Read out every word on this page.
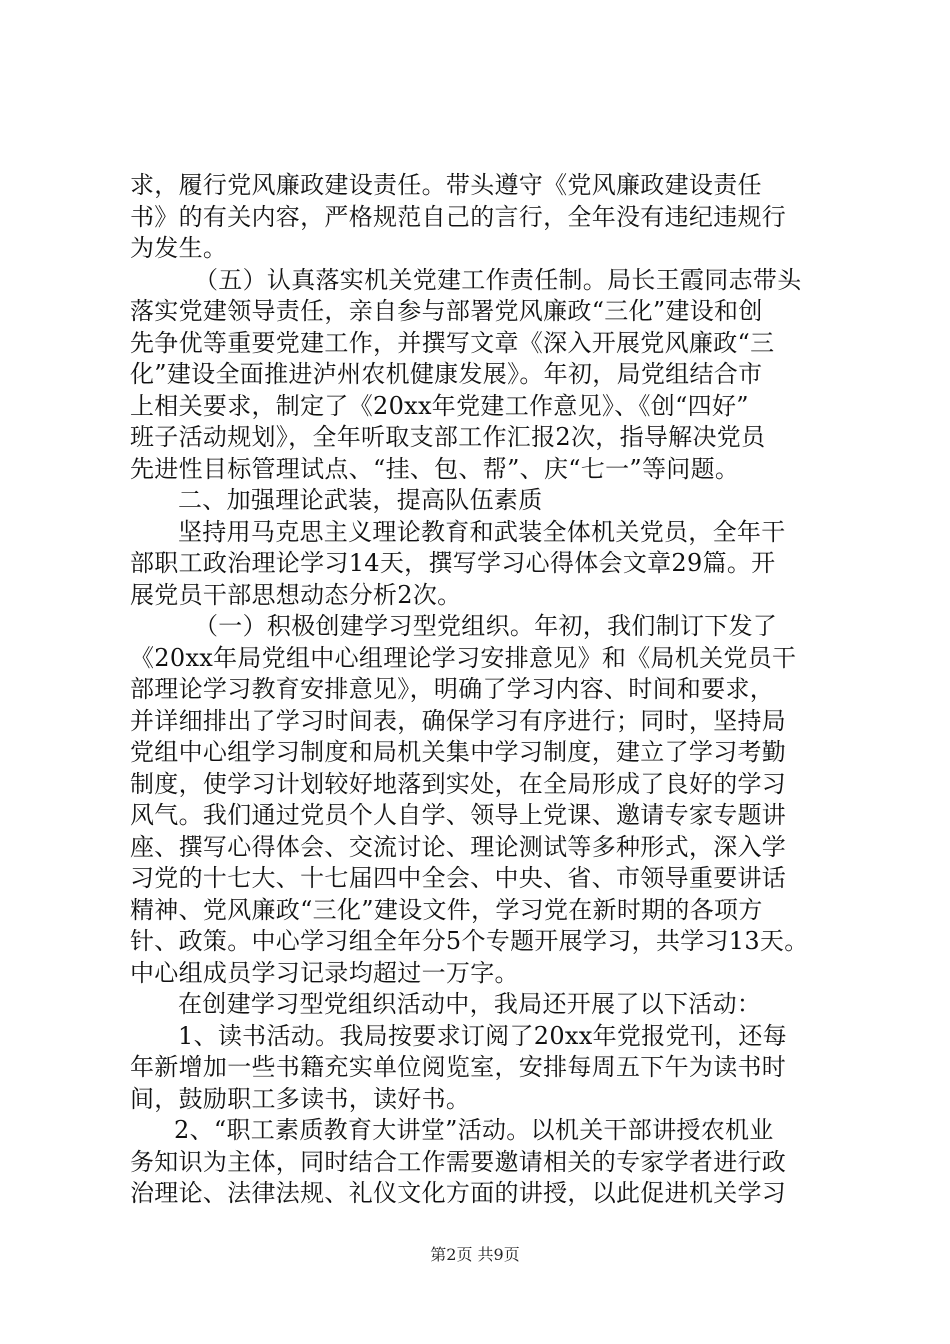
求，履行党风廉政建设责任。带头遵守《党风廉政建设责任
书》的有关内容，严格规范自己的言行，全年没有违纪违规行
为发生。
（五）认真落实机关党建工作责任制。局长王霞同志带头
落实党建领导责任，亲自参与部署党风廉政“三化”建设和创
先争优等重要党建工作，并撰写文章《深入开展党风廉政“三
化”建设全面推进泸州农机健康发展》。年初，局党组结合市
上相关要求，制定了《20xx年党建工作意见》、《创“四好”
班子活动规划》，全年听取支部工作汇报2次，指导解决党员
先进性目标管理试点、“挂、包、帮”、庆“七一”等问题。
二、加强理论武装，提高队伍素质
坚持用马克思主义理论教育和武装全体机关党员，全年干
部职工政治理论学习14天，撰写学习心得体会文章29篇。开
展党员干部思想动态分析2次。
（一）积极创建学习型党组织。年初，我们制订下发了
《20xx年局党组中心组理论学习安排意见》和《局机关党员干
部理论学习教育安排意见》，明确了学习内容、时间和要求，
并详细排出了学习时间表，确保学习有序进行；同时，坚持局
党组中心组学习制度和局机关集中学习制度，建立了学习考勤
制度，使学习计划较好地落到实处，在全局形成了良好的学习
风气。我们通过党员个人自学、领导上党课、邀请专家专题讲
座、撰写心得体会、交流讨论、理论测试等多种形式，深入学
习党的十七大、十七届四中全会、中央、省、市领导重要讲话
精神、党风廉政“三化”建设文件，学习党在新时期的各项方
针、政策。中心学习组全年分5个专题开展学习，共学习13天。
中心组成员学习记录均超过一万字。
在创建学习型党组织活动中，我局还开展了以下活动：
1、读书活动。我局按要求订阅了20xx年党报党刊，还每
年新增加一些书籍充实单位阅览室，安排每周五下午为读书时
间，鼓励职工多读书，读好书。
2、“职工素质教育大讲堂”活动。以机关干部讲授农机业
务知识为主体，同时结合工作需要邀请相关的专家学者进行政
治理论、法律法规、礼仪文化方面的讲授，以此促进机关学习
第2页 共9页
